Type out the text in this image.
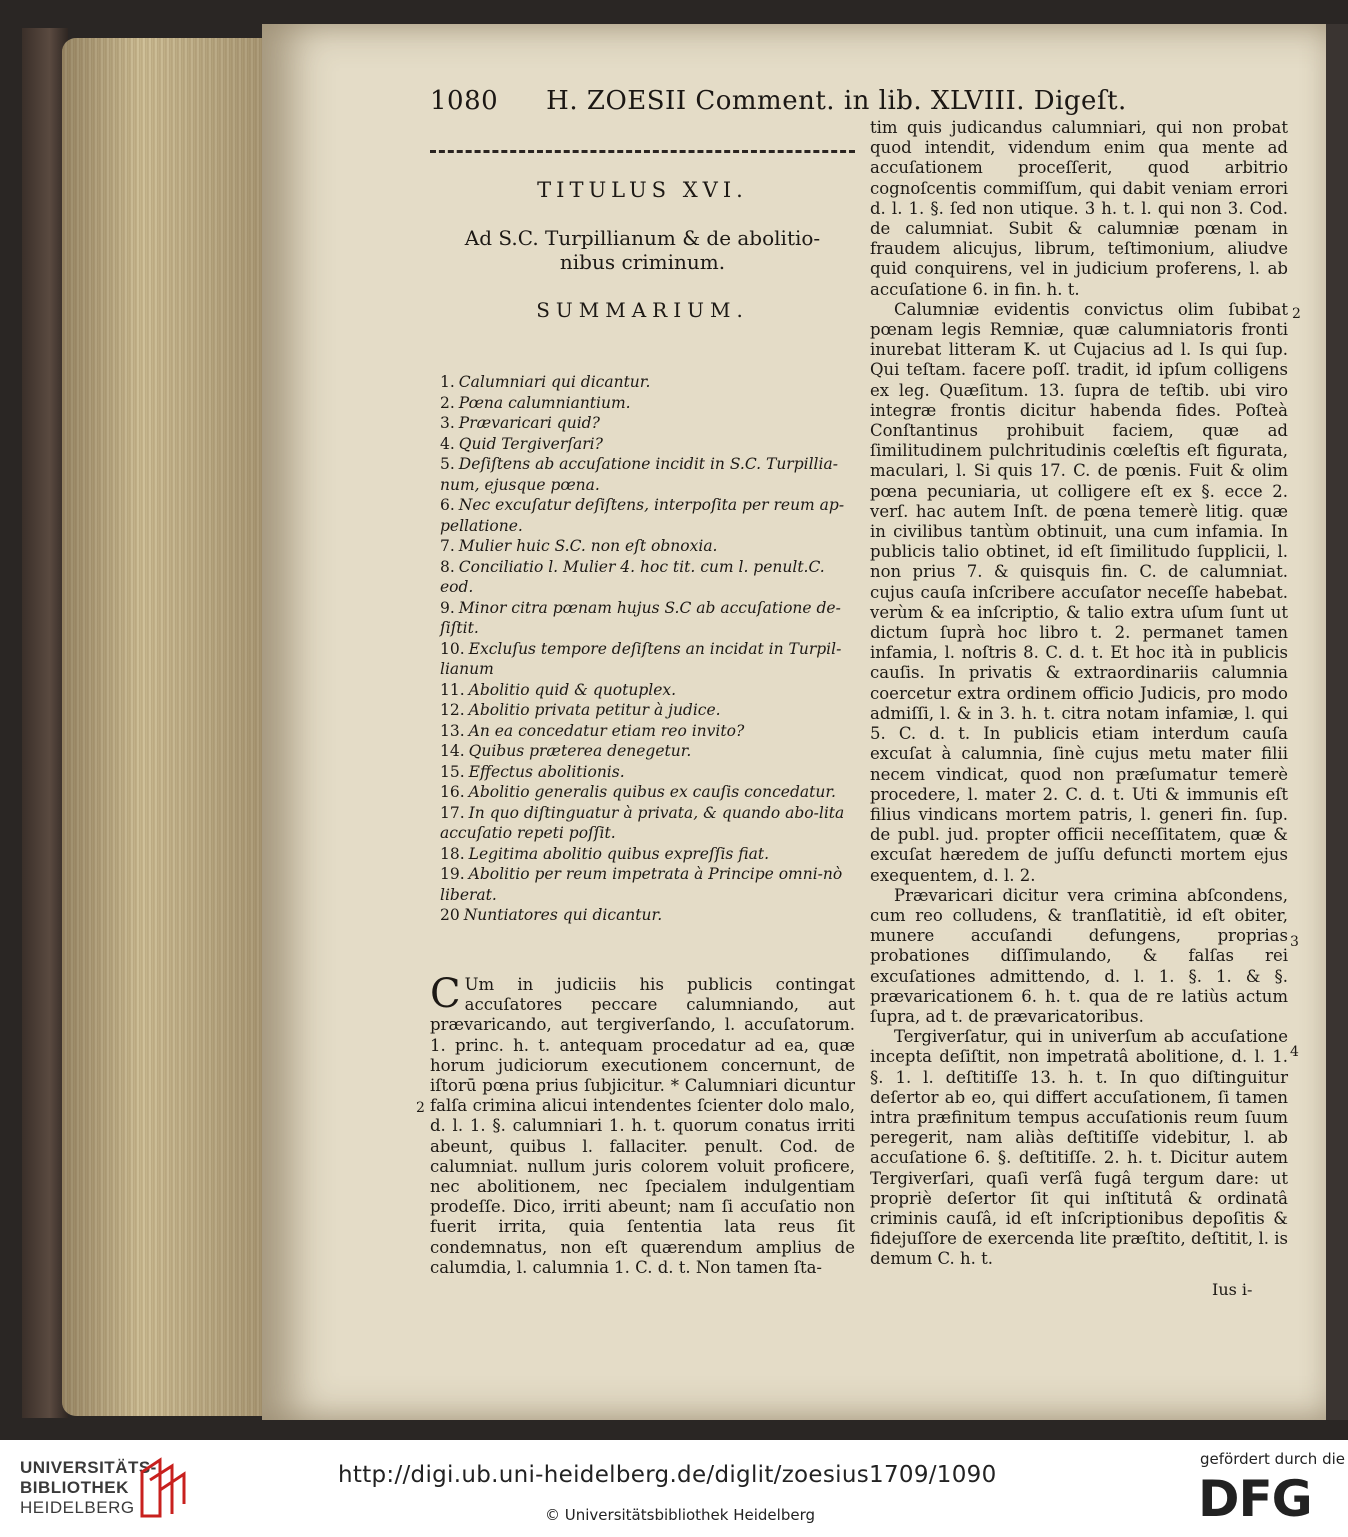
1080 H. ZOESII Comment. in lib. XLVIII. Digeſt.
TITULUS XVI.
Ad S.C. Turpillianum & de abolitio-
nibus criminum.
SUMMARIUM.
1. Calumniari qui dicantur.
2. Pœna calumniantium.
3. Prævaricari quid?
4. Quid Tergiverſari?
5. Deſiſtens ab accuſatione incidit in S.C. Turpillia-num, ejusque pœna.
6. Nec excuſatur deſiſtens, interpoſita per reum ap-pellatione.
7. Mulier huic S.C. non eſt obnoxia.
8. Conciliatio l. Mulier 4. hoc tit. cum l. penult.C. eod.
9. Minor citra pœnam hujus S.C ab accuſatione de-ſiſtit.
10. Excluſus tempore deſiſtens an incidat in Turpil-lianum
11. Abolitio quid & quotuplex.
12. Abolitio privata petitur à judice.
13. An ea concedatur etiam reo invito?
14. Quibus præterea denegetur.
15. Effectus abolitionis.
16. Abolitio generalis quibus ex cauſis concedatur.
17. In quo diſtinguatur à privata, & quando abo-lita accuſatio repeti poſſit.
18. Legitima abolitio quibus expreſſis fiat.
19. Abolitio per reum impetrata à Principe omni-nò liberat.
20 Nuntiatores qui dicantur.

C Um in judiciis his publicis contingat accuſatores peccare calumniando, aut prævaricando, aut tergiverſando, l. accuſatorum. 1. princ. h. t. antequam procedatur ad ea, quæ horum judiciorum executionem concernunt, de iſtorū pœna prius ſubjicitur. * Calumniari dicuntur falſa crimina alicui intendentes ſcienter dolo malo, d. l. 1. §. calumniari 1. h. t. quorum conatus irriti abeunt, quibus l. fallaciter. penult. Cod. de calumniat. nullum juris colorem voluit proficere, nec abolitionem, nec ſpecialem indulgentiam prodeſſe. Dico, irriti abeunt; nam ſi accuſatio non fuerit irrita, quia ſententia lata reus ſit condemnatus, non eſt quærendum amplius de calumdia, l. calumnia 1. C. d. t. Non tamen ſta-

tim quis judicandus calumniari, qui non probat quod intendit, videndum enim qua mente ad accuſationem proceſſerit, quod arbitrio cognoſcentis commiſſum, qui dabit veniam errori d. l. 1. §. ſed non utique. 3 h. t. l. qui non 3. Cod. de calumniat. Subit & calumniæ pœnam in fraudem alicujus, librum, teſtimonium, aliudve quid conquirens, vel in judicium proferens, l. ab accuſatione 6. in fin. h. t.

Calumniæ evidentis convictus olim ſubibat pœnam legis Remniæ, quæ calumniatoris fronti inurebat litteram K. ut Cujacius ad l. Is qui ſup. Qui teſtam. facere poſſ. tradit, id ipſum colligens ex leg. Quæſitum. 13. ſupra de teſtib. ubi viro integræ frontis dicitur habenda fides. Poſteà Conſtantinus prohibuit faciem, quæ ad ſimilitudinem pulchritudinis cœleſtis eſt figurata, maculari, l. Si quis 17. C. de pœnis. Fuit & olim pœna pecuniaria, ut colligere eſt ex §. ecce 2. verſ. hac autem Inſt. de pœna temerè litig. quæ in civilibus tantùm obtinuit, una cum infamia. In publicis talio obtinet, id eſt ſimilitudo ſupplicii, l. non prius 7. & quisquis fin. C. de calumniat. cujus cauſa inſcribere accuſator neceſſe habebat. verùm & ea inſcriptio, & talio extra uſum ſunt ut dictum ſuprà hoc libro t. 2. permanet tamen infamia, l. noſtris 8. C. d. t. Et hoc ità in publicis cauſis. In privatis & extraordinariis calumnia coercetur extra ordinem officio Judicis, pro modo admiſſi, l. & in 3. h. t. citra notam infamiæ, l. qui 5. C. d. t. In publicis etiam interdum cauſa excuſat à calumnia, ſinè cujus metu mater filii necem vindicat, quod non præſumatur temerè procedere, l. mater 2. C. d. t. Uti & immunis eſt filius vindicans mortem patris, l. generi fin. ſup. de publ. jud. propter officii neceſſitatem, quæ & excuſat hæredem de juſſu defuncti mortem ejus exequentem, d. l. 2.

Prævaricari dicitur vera crimina abſcondens, cum reo colludens, & tranſlatitiè, id eſt obiter, munere accuſandi defungens, proprias probationes diſſimulando, & falſas rei excuſationes admittendo, d. l. 1. §. 1. & §. prævaricationem 6. h. t. qua de re latiùs actum ſupra, ad t. de prævaricatoribus.

Tergiverſatur, qui in univerſum ab accuſatione incepta deſiſtit, non impetratâ abolitione, d. l. 1. §. 1. l. deſtitiſſe 13. h. t. In quo diſtinguitur deſertor ab eo, qui differt accuſationem, ſi tamen intra præfinitum tempus accuſationis reum ſuum peregerit, nam aliàs deſtitiſſe videbitur, l. ab accuſatione 6. §. deſtitiſſe. 2. h. t. Dicitur autem Tergiverſari, quaſi verſâ fugâ tergum dare: ut propriè deſertor ſit qui inſtitutâ & ordinatâ criminis cauſâ, id eſt inſcriptionibus depoſitis & fidejuſſore de exercenda lite præſtito, deſtitit, l. is demum C. h. t.

Ius i-
2
2
3
4
UNIVERSITÄTS-
BIBLIOTHEK
HEIDELBERG
http://digi.ub.uni-heidelberg.de/diglit/zoesius1709/1090
© Universitätsbibliothek Heidelberg
gefördert durch die
DFG
